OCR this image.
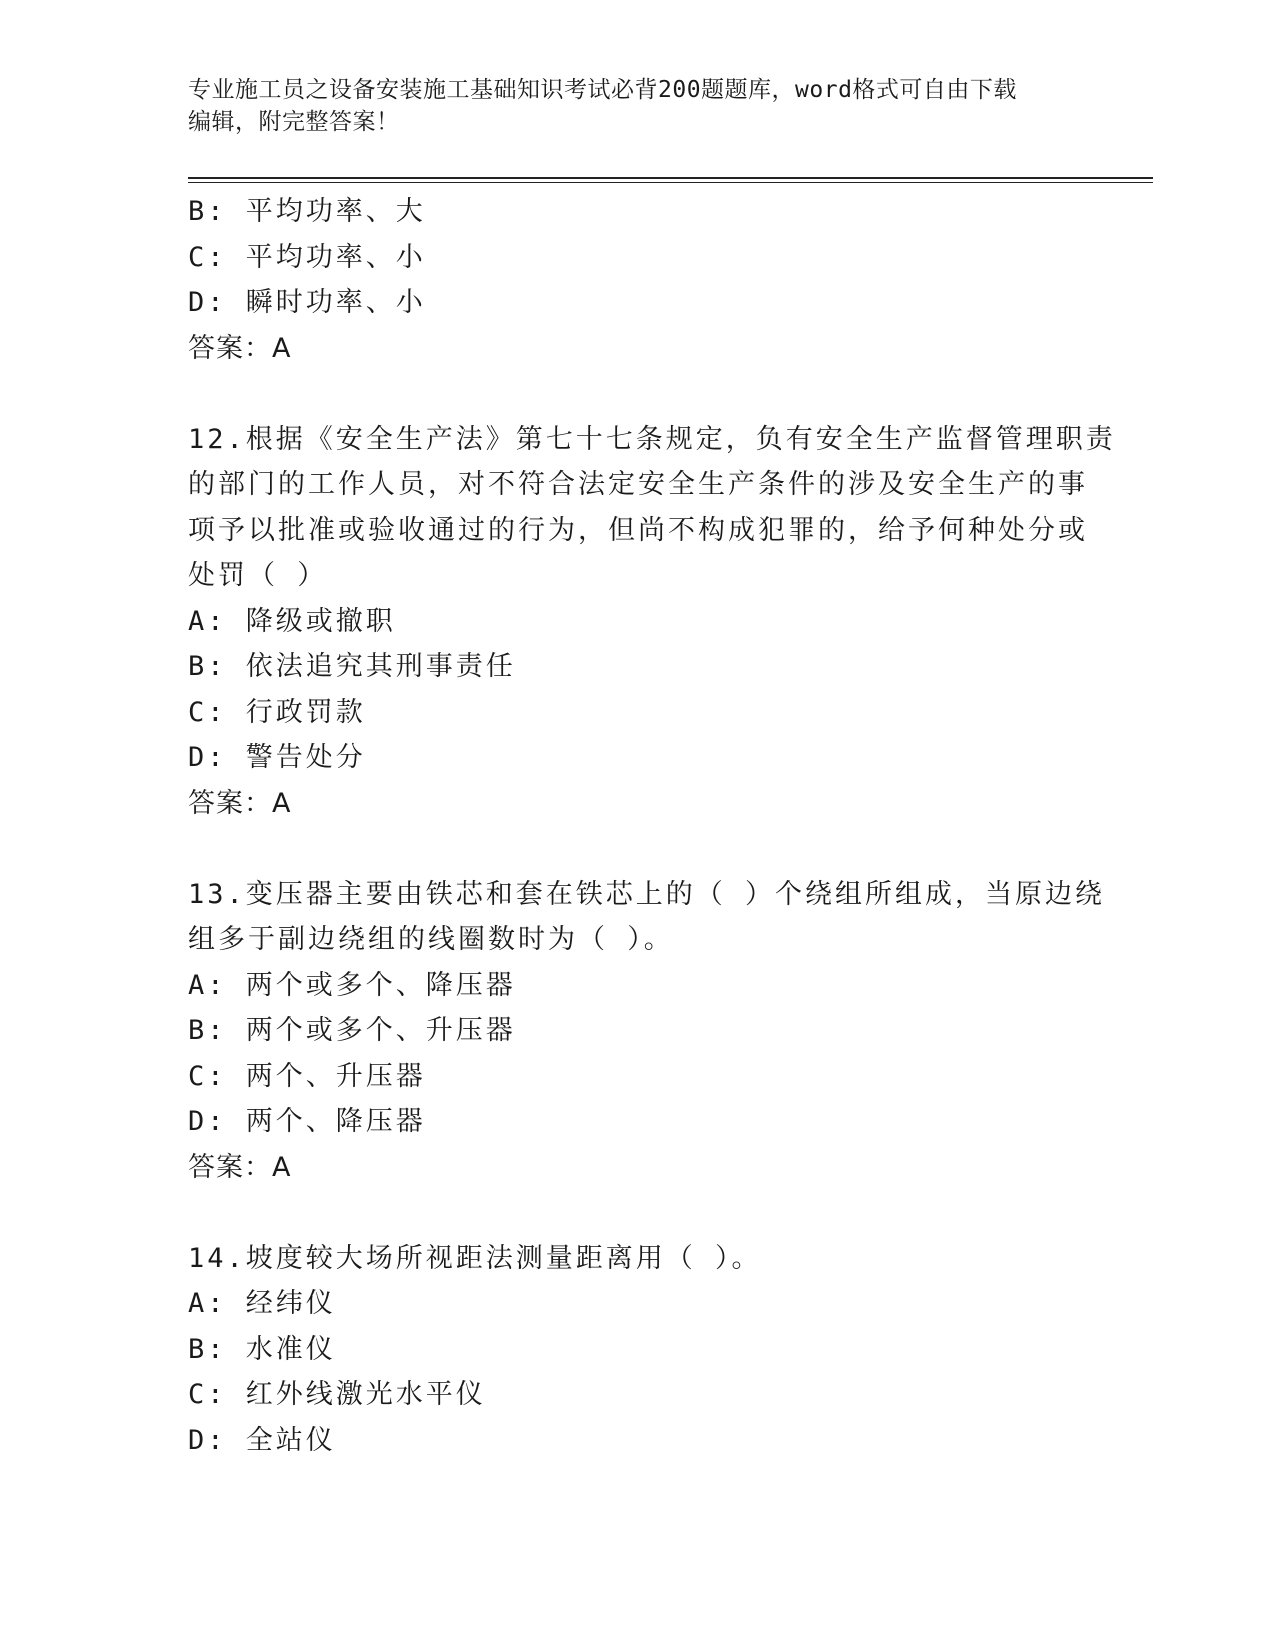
专业施工员之设备安装施工基础知识考试必背200题题库，word格式可自由下载
编辑，附完整答案！
B: 平均功率、大
C: 平均功率、小
D: 瞬时功率、小
答案：A
12.根据《安全生产法》第七十七条规定，负有安全生产监督管理职责
的部门的工作人员，对不符合法定安全生产条件的涉及安全生产的事
项予以批准或验收通过的行为，但尚不构成犯罪的，给予何种处分或
处罚（ ）
A: 降级或撤职
B: 依法追究其刑事责任
C: 行政罚款
D: 警告处分
答案：A
13.变压器主要由铁芯和套在铁芯上的（ ）个绕组所组成，当原边绕
组多于副边绕组的线圈数时为（ ）。
A: 两个或多个、降压器
B: 两个或多个、升压器
C: 两个、升压器
D: 两个、降压器
答案：A
14.坡度较大场所视距法测量距离用（ ）。
A: 经纬仪
B: 水准仪
C: 红外线激光水平仪
D: 全站仪
